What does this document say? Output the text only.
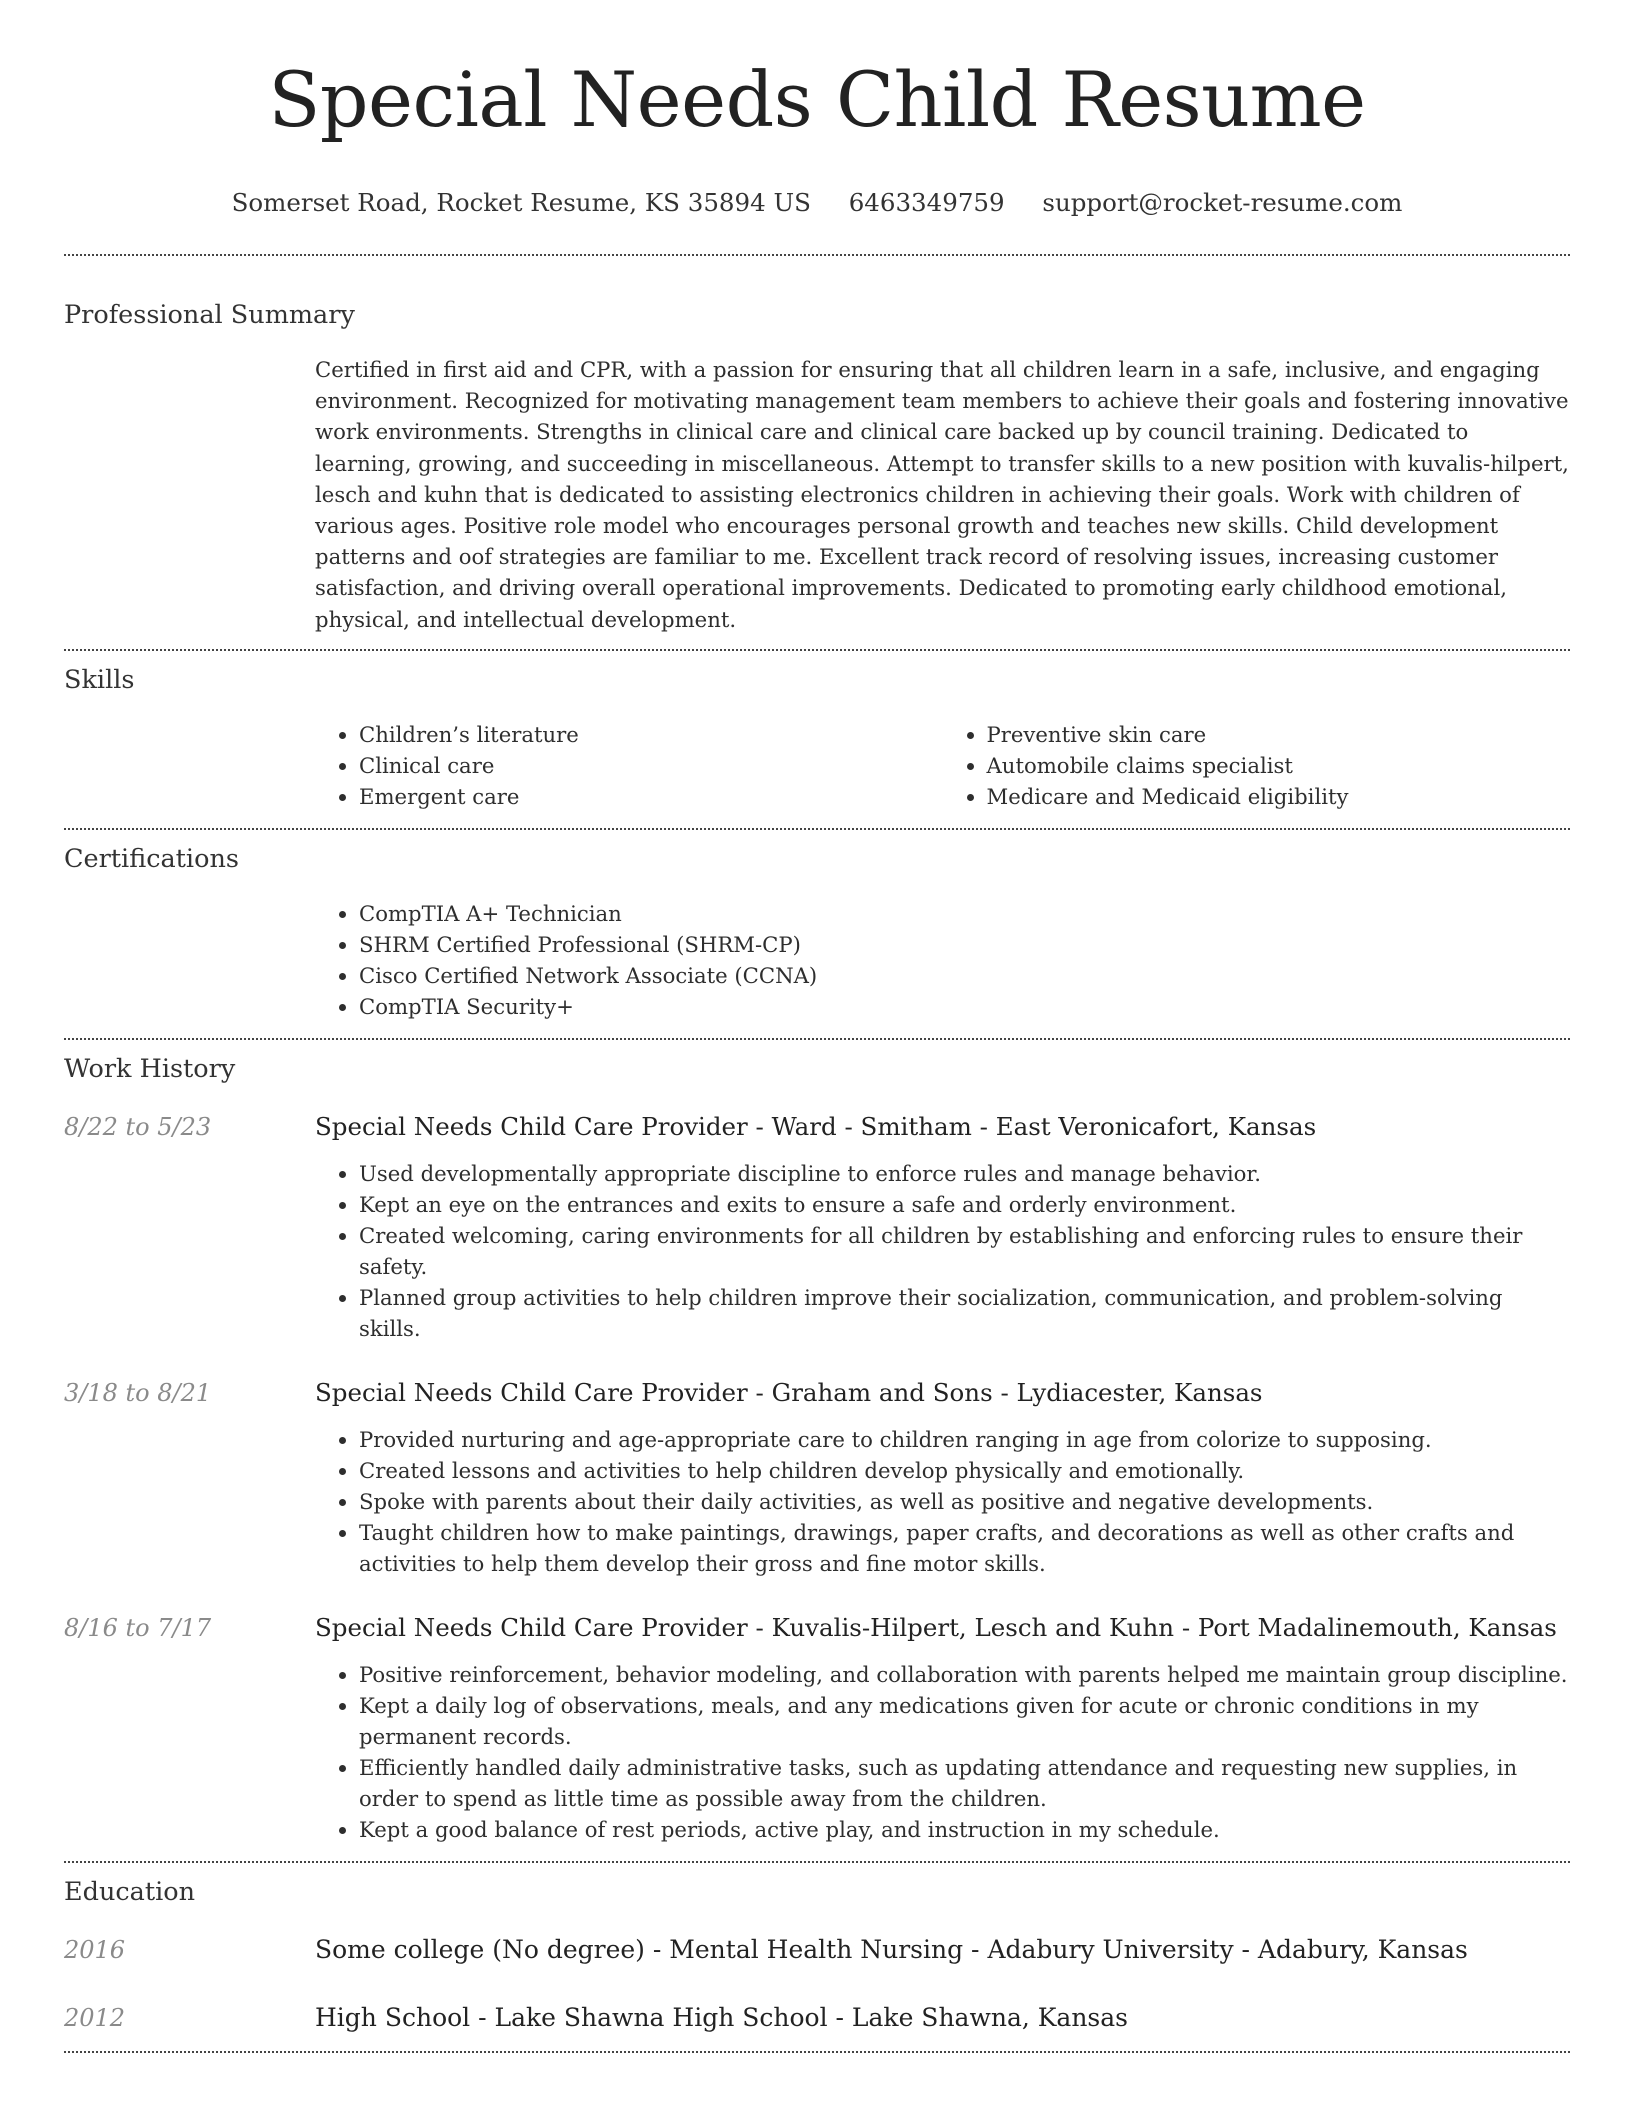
Special Needs Child Resume
Somerset Road, Rocket Resume, KS 35894 US 6463349759 support@rocket-resume.com
Professional Summary

Certified in first aid and CPR, with a passion for ensuring that all children learn in a safe, inclusive, and engaging environment. Recognized for motivating management team members to achieve their goals and fostering innovative work environments. Strengths in clinical care and clinical care backed up by council training. Dedicated to learning, growing, and succeeding in miscellaneous. Attempt to transfer skills to a new position with kuvalis-hilpert, lesch and kuhn that is dedicated to assisting electronics children in achieving their goals. Work with children of various ages. Positive role model who encourages personal growth and teaches new skills. Child development patterns and oof strategies are familiar to me. Excellent track record of resolving issues, increasing customer satisfaction, and driving overall operational improvements. Dedicated to promoting early childhood emotional, physical, and intellectual development.

Skills
• Children’s literature
• Clinical care
• Emergent care
• Preventive skin care
• Automobile claims specialist
• Medicare and Medicaid eligibility
Certifications
• CompTIA A+ Technician
• SHRM Certified Professional (SHRM-CP)
• Cisco Certified Network Associate (CCNA)
• CompTIA Security+
Work History
8/22 to 5/23	Special Needs Child Care Provider - Ward - Smitham - East Veronicafort, Kansas
• Used developmentally appropriate discipline to enforce rules and manage behavior.
• Kept an eye on the entrances and exits to ensure a safe and orderly environment.
• Created welcoming, caring environments for all children by establishing and enforcing rules to ensure their safety.
• Planned group activities to help children improve their socialization, communication, and problem-solving skills.
3/18 to 8/21	Special Needs Child Care Provider - Graham and Sons - Lydiacester, Kansas
• Provided nurturing and age-appropriate care to children ranging in age from colorize to supposing.
• Created lessons and activities to help children develop physically and emotionally.
• Spoke with parents about their daily activities, as well as positive and negative developments.
• Taught children how to make paintings, drawings, paper crafts, and decorations as well as other crafts and activities to help them develop their gross and fine motor skills.
8/16 to 7/17	Special Needs Child Care Provider - Kuvalis-Hilpert, Lesch and Kuhn - Port Madalinemouth, Kansas
• Positive reinforcement, behavior modeling, and collaboration with parents helped me maintain group discipline.
• Kept a daily log of observations, meals, and any medications given for acute or chronic conditions in my permanent records.
• Efficiently handled daily administrative tasks, such as updating attendance and requesting new supplies, in order to spend as little time as possible away from the children.
• Kept a good balance of rest periods, active play, and instruction in my schedule.
Education
2016	Some college (No degree) - Mental Health Nursing - Adabury University - Adabury, Kansas
2012	High School - Lake Shawna High School - Lake Shawna, Kansas
